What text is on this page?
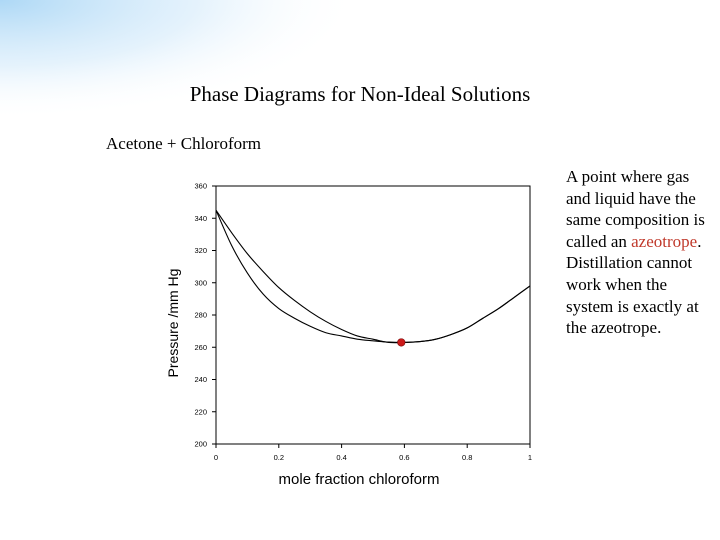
Phase Diagrams for Non-Ideal Solutions
Acetone + Chloroform
A point where gas and liquid have the same composition is called an azeotrope. Distillation cannot work when the system is exactly at the azeotrope.
200
220
240
260
280
300
320
340
360
0	0.2	0.4	0.6	0.8	1
mole fraction chloroform
Pressure /mm Hg
